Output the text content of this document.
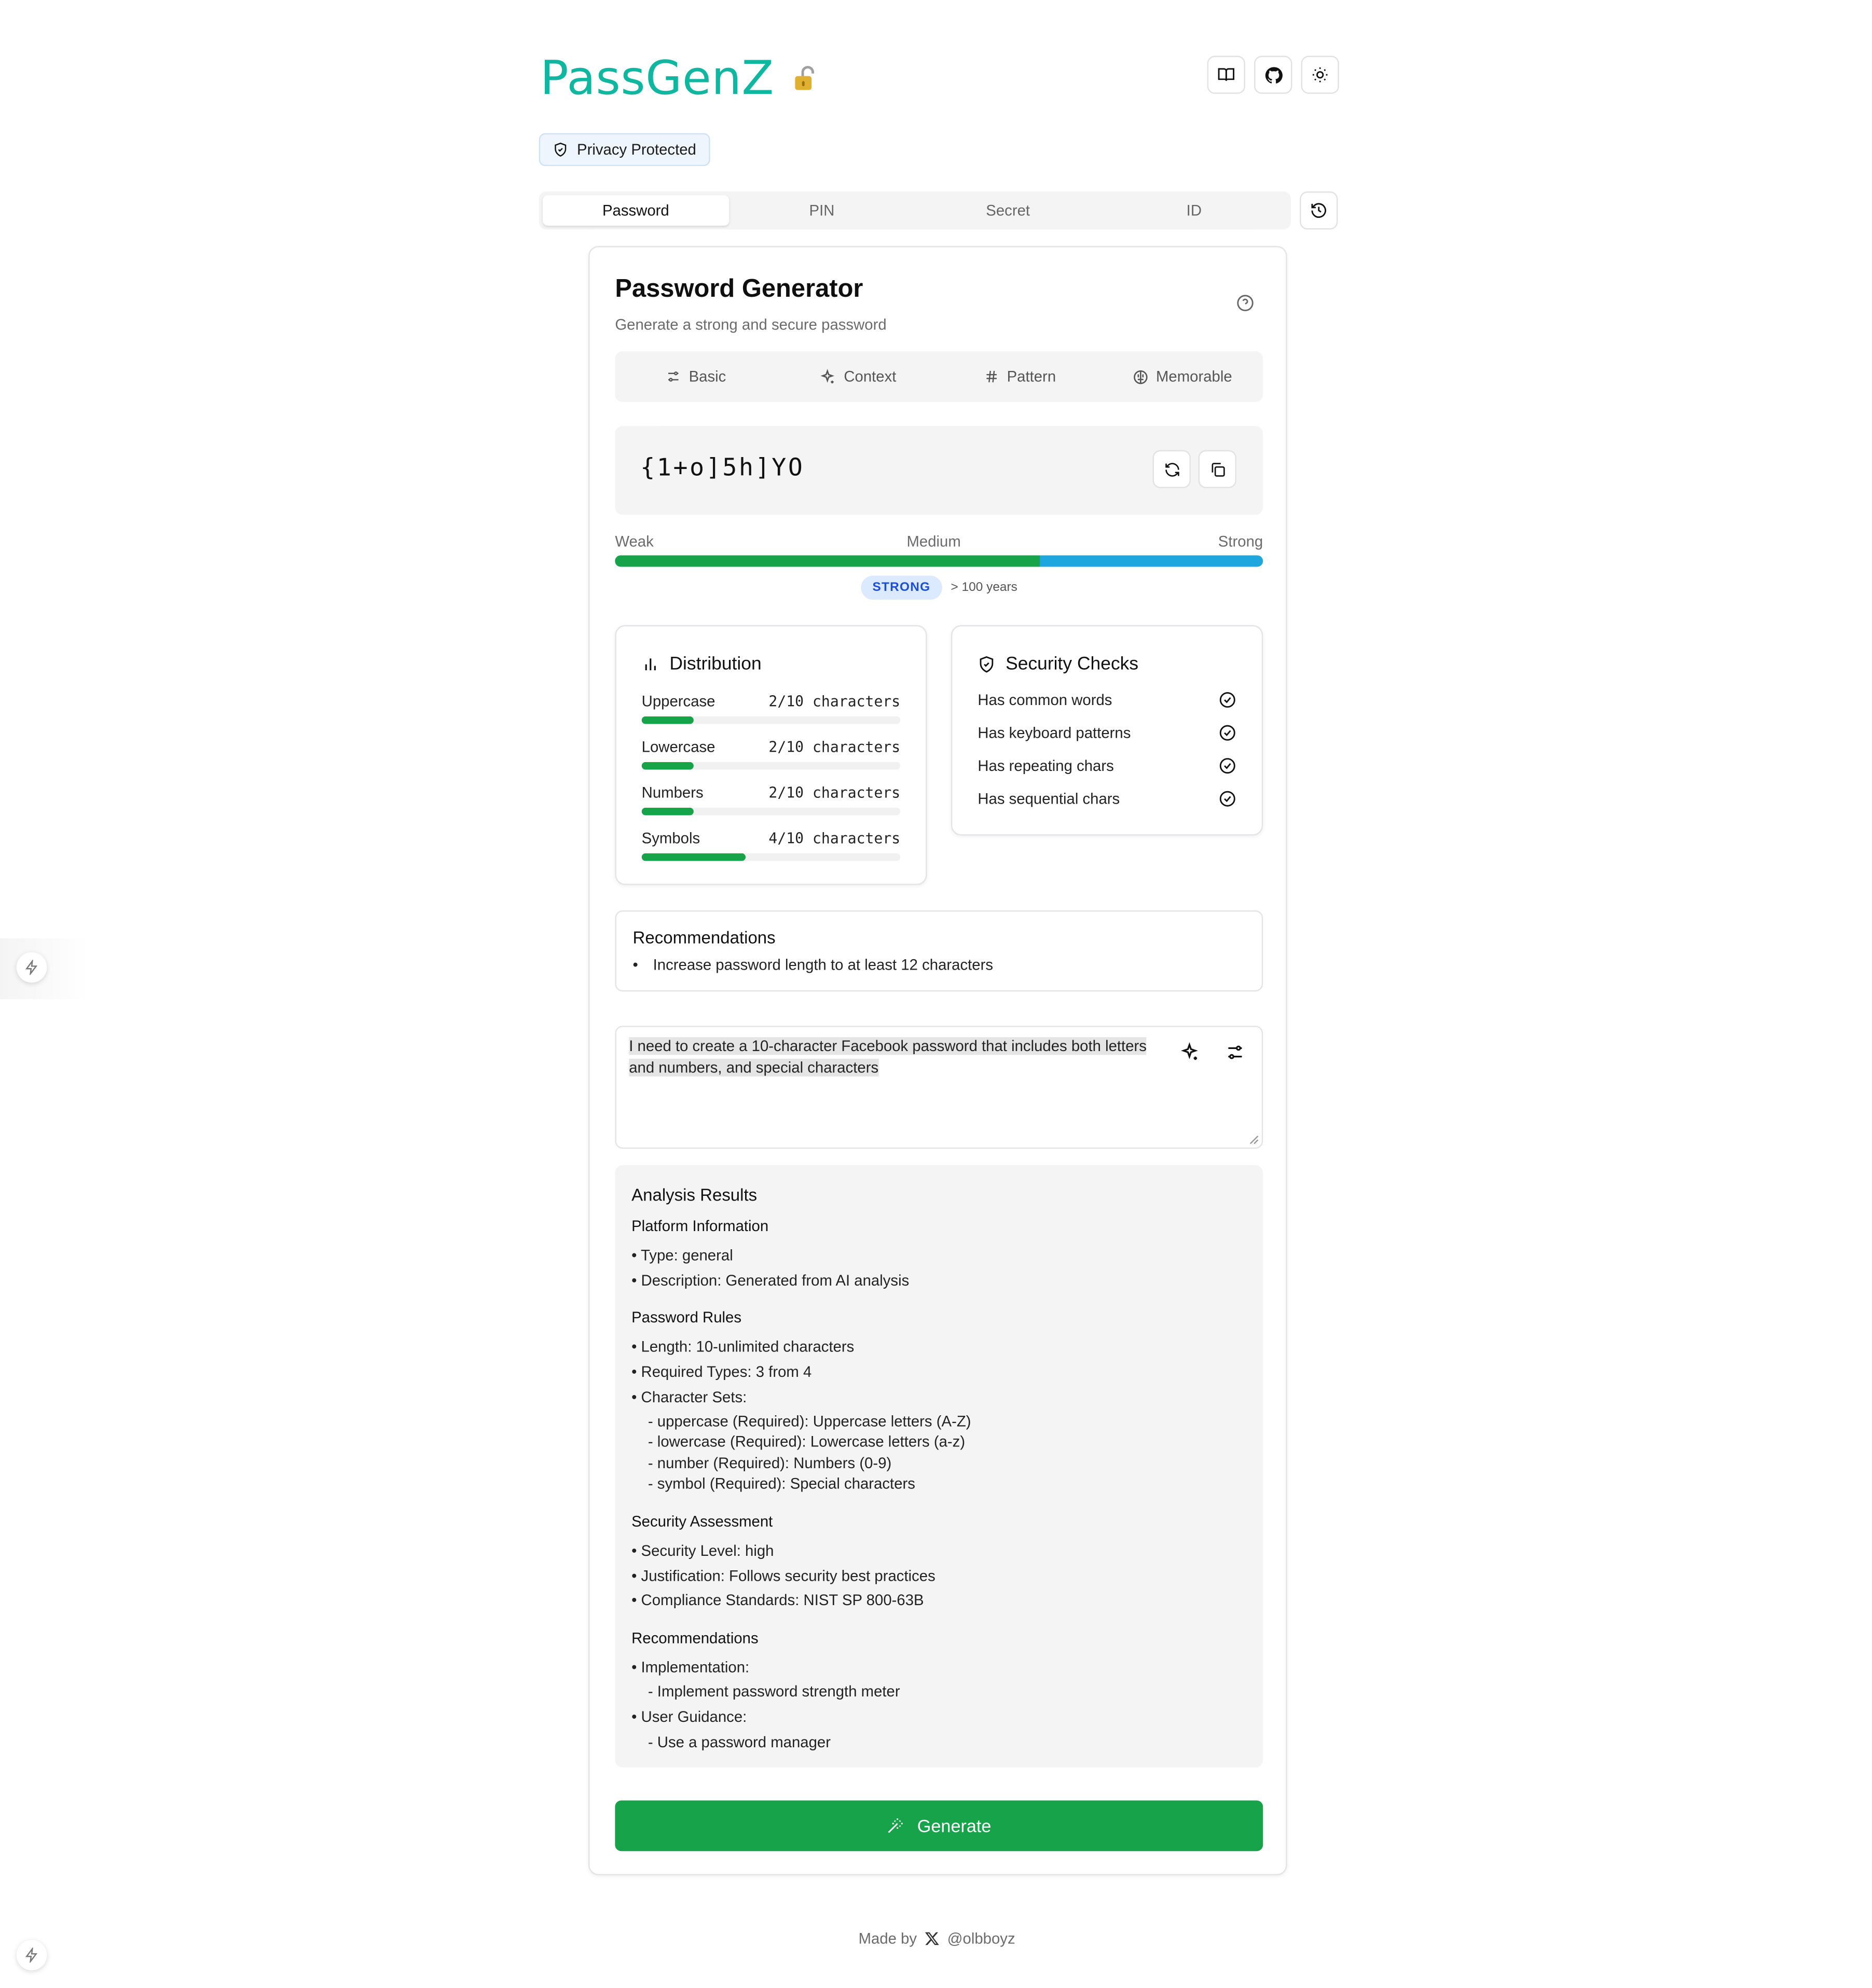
PassGenZ
Privacy Protected
Password	PIN	Secret	ID
Password Generator
Generate a strong and secure password
Basic	Context	Pattern	Memorable
{1+o]5h]YO
Weak	Medium	Strong
STRONG	> 100 years
Distribution
Uppercase	2/10 characters
Lowercase	2/10 characters
Numbers	2/10 characters
Symbols	4/10 characters
Security Checks
Has common words
Has keyboard patterns
Has repeating chars
Has sequential chars
Recommendations
• Increase password length to at least 12 characters
I need to create a 10-character Facebook password that includes both letters
and numbers, and special characters
Analysis Results
Platform Information
• Type: general
• Description: Generated from AI analysis
Password Rules
• Length: 10-unlimited characters
• Required Types: 3 from 4
• Character Sets:
- uppercase (Required): Uppercase letters (A-Z)
- lowercase (Required): Lowercase letters (a-z)
- number (Required): Numbers (0-9)
- symbol (Required): Special characters
Security Assessment
• Security Level: high
• Justification: Follows security best practices
• Compliance Standards: NIST SP 800-63B
Recommendations
• Implementation:
- Implement password strength meter
• User Guidance:
- Use a password manager
Generate
Made by	@olbboyz
